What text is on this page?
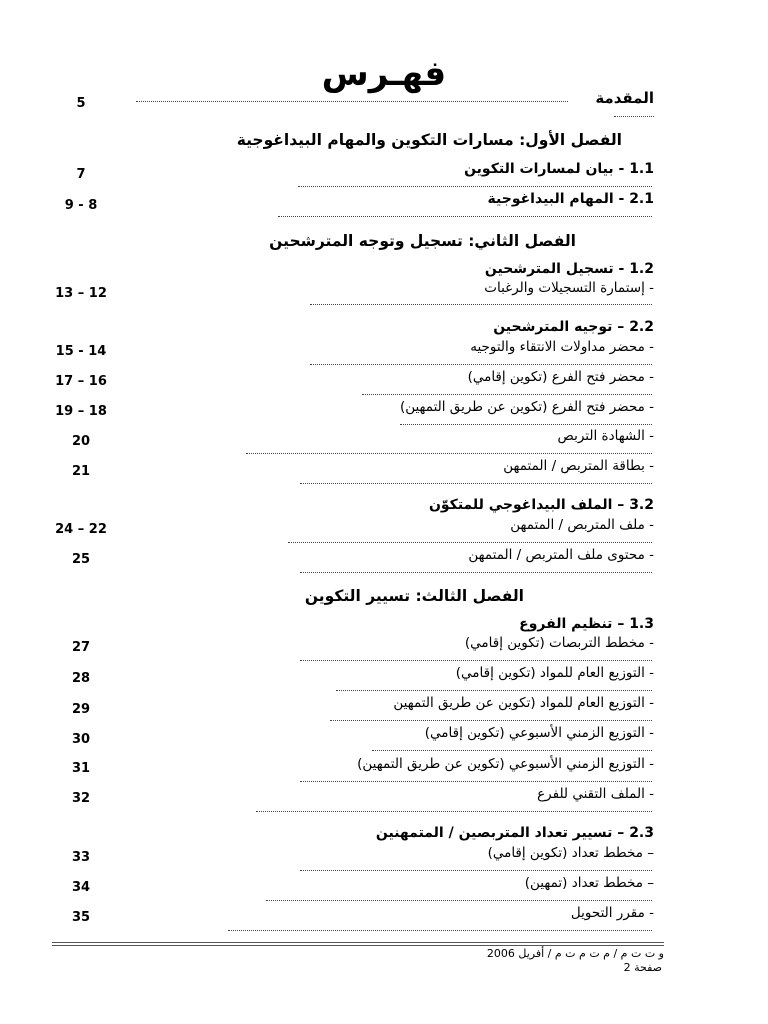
فهـرس
المقدمة
5
الفصل الأول: مسارات التكوين والمهام البيداغوجية
1.1 - بيان لمسارات التكوين
7
2.1 - المهام البيداغوجية
9 - 8
الفصل الثاني: تسجيل وتوجه المترشحين
1.2 - تسجيل المترشحين
- إستمارة التسجيلات والرغبات
13 – 12
2.2 – توجيه المترشحين
- محضر مداولات الانتقاء والتوجيه
15 - 14
- محضر فتح الفرع (تكوين إقامي)
17 – 16
- محضر فتح الفرع (تكوين عن طريق التمهين)
19 – 18
- الشهادة التربص
20
- بطاقة المتربص / المتمهن
21
3.2 – الملف البيداغوجي للمتكوّن
- ملف المتربص / المتمهن
24 – 22
- محتوى ملف المتربص / المتمهن
25
الفصل الثالث: تسيير التكوين
1.3 – تنظيم الفروع
- مخطط التربصات (تكوين إقامي)
27
- التوزيع العام للمواد (تكوين إقامي)
28
- التوزيع العام للمواد (تكوين عن طريق التمهين
29
- التوزيع الزمني الأسبوعي (تكوين إقامي)
30
- التوزيع الزمني الأسبوعي (تكوين عن طريق التمهين)
31
- الملف التقني للفرع
32
2.3 – تسيير تعداد المتربصين / المتمهنين
– مخطط تعداد (تكوين إقامي)
33
– مخطط تعداد (تمهين)
34
- مقرر التحويل
35
و ت ت م / م ت م ت م / أفريل 2006
صفحة 2
